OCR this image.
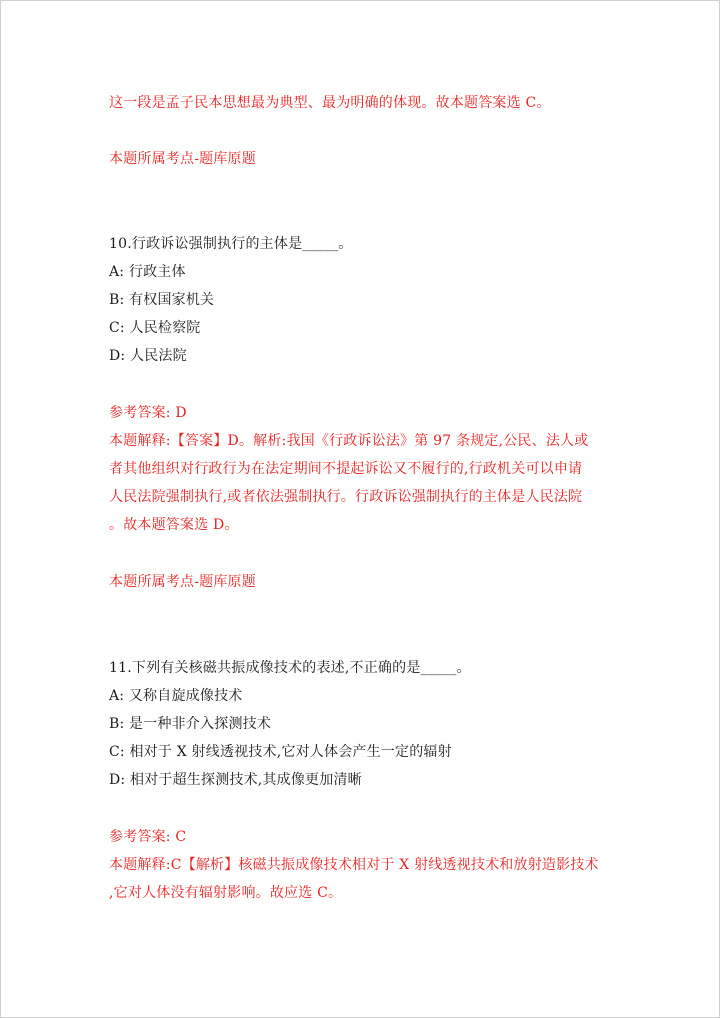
这一段是孟子民本思想最为典型、最为明确的体现。故本题答案选 C。
本题所属考点-题库原题
10.行政诉讼强制执行的主体是_____。
A: 行政主体
B: 有权国家机关
C: 人民检察院
D: 人民法院
参考答案: D
本题解释:【答案】D。解析:我国《行政诉讼法》第 97 条规定,公民、法人或
者其他组织对行政行为在法定期间不提起诉讼又不履行的,行政机关可以申请
人民法院强制执行,或者依法强制执行。行政诉讼强制执行的主体是人民法院
。故本题答案选 D。
本题所属考点-题库原题
11.下列有关核磁共振成像技术的表述,不正确的是_____。
A: 又称自旋成像技术
B: 是一种非介入探测技术
C: 相对于 X 射线透视技术,它对人体会产生一定的辐射
D: 相对于超生探测技术,其成像更加清晰
参考答案: C
本题解释:C【解析】核磁共振成像技术相对于 X 射线透视技术和放射造影技术
,它对人体没有辐射影响。故应选 C。
